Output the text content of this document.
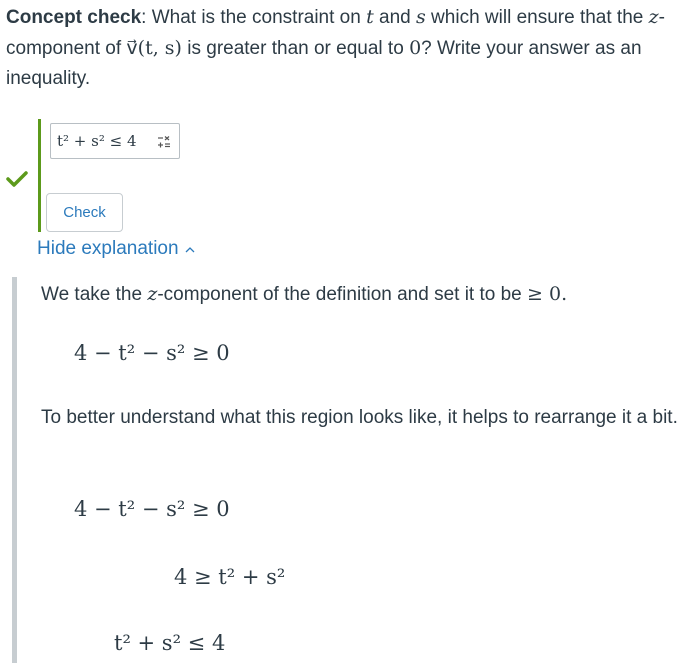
Concept check: What is the constraint on t and s which will ensure that the z-component of v⃗(t, s) is greater than or equal to 0? Write your answer as an inequality.
t² + s² ≤ 4
Check
Hide explanation
We take the z-component of the definition and set it to be ≥ 0.
4 − t² − s² ≥ 0
To better understand what this region looks like, it helps to rearrange it a bit.
4 − t² − s² ≥ 0
4 ≥ t² + s²
t² + s² ≤ 4
